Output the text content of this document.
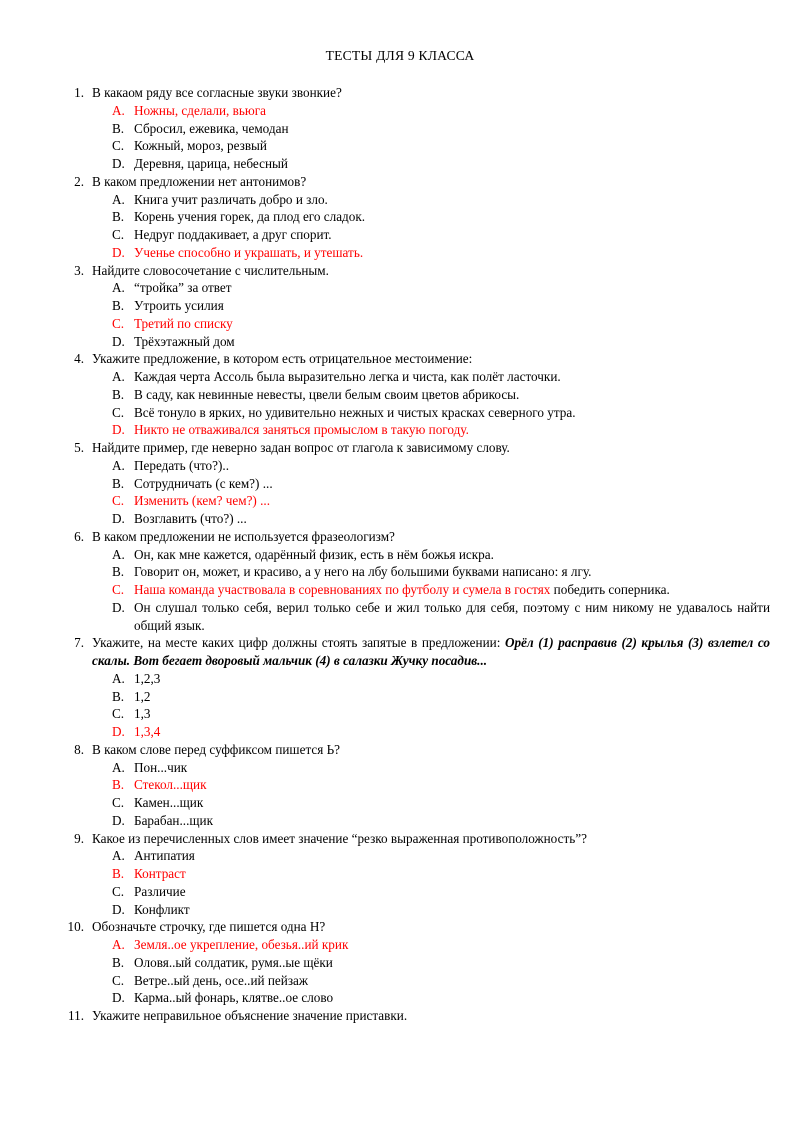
ТЕСТЫ ДЛЯ 9 КЛАССА
1. В какаом ряду все согласные звуки звонкие?
A. Ножны, сделали, вьюга
B. Сбросил, ежевика, чемодан
C. Кожный, мороз, резвый
D. Деревня, царица, небесный
2. В каком предложении нет антонимов?
A. Книга учит различать добро и зло.
B. Корень учения горек, да плод его сладок.
C. Недруг поддакивает, а друг спорит.
D. Ученье способно и украшать, и утешать.
3. Найдите словосочетание с числительным.
A. “тройка” за ответ
B. Утроить усилия
C. Третий по списку
D. Трёхэтажный дом
4. Укажите предложение, в котором есть отрицательное местоимение:
A. Каждая черта Ассоль была выразительно легка и чиста, как полёт ласточки.
B. В саду, как невинные невесты, цвели белым своим цветов абрикосы.
C. Всё тонуло в ярких, но удивительно нежных и чистых красках северного утра.
D. Никто не отваживался заняться промыслом в такую погоду.
5. Найдите пример, где неверно задан вопрос от глагола к зависимому слову.
A. Передать (что?)..
B. Сотрудничать (с кем?) ...
C. Изменить (кем? чем?) ...
D. Возглавить (что?) ...
6. В каком предложении не используется фразеологизм?
A. Он, как мне кажется, одарённый физик, есть в нём божья искра.
B. Говорит он, может, и красиво, а у него на лбу большими буквами написано: я лгу.
C. Наша команда участвовала в соревнованиях по футболу и сумела в гостях победить соперника.
D. Он слушал только себя, верил только себе и жил только для себя, поэтому с ним никому не удавалось найти общий язык.
7. Укажите, на месте каких цифр должны стоять запятые в предложении: Орёл (1) расправив (2) крылья (3) взлетел со скалы. Вот бегает дворовый мальчик (4) в салазки Жучку посадив...
A. 1,2,3
B. 1,2
C. 1,3
D. 1,3,4
8. В каком слове перед суффиксом пишется Ь?
A. Пон...чик
B. Стекол...щик
C. Камен...щик
D. Барабан...щик
9. Какое из перечисленных слов имеет значение “резко выраженная противоположность”?
A. Антипатия
B. Контраст
C. Различие
D. Конфликт
10. Обозначьте строчку, где пишется одна Н?
A. Земля..ое укрепление, обезья..ий крик
B. Оловя..ый солдатик, румя..ые щёки
C. Ветре..ый день, осе..ий пейзаж
D. Карма..ый фонарь, клятве..ое слово
11. Укажите неправильное объяснение значение приставки.
